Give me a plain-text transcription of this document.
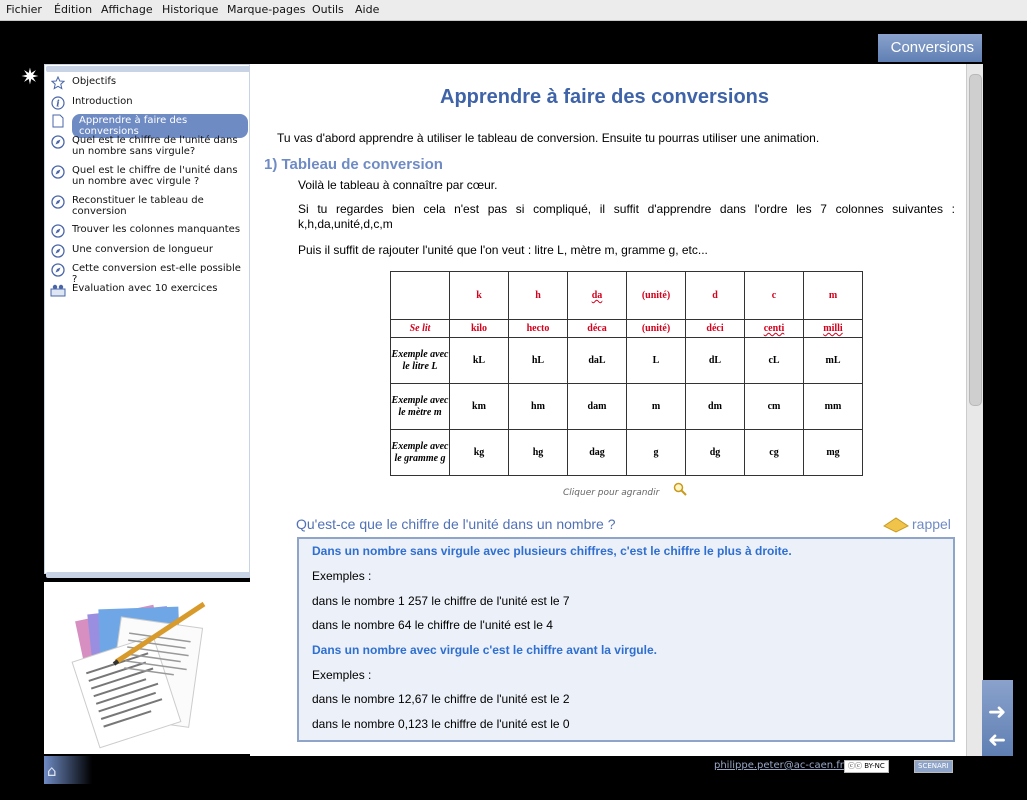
Fichier Édition Affichage Historique Marque-pages Outils Aide
Conversions
✷	Objectifs
i Introduction
Apprendre à faire des conversions
Quel est le chiffre de l'unité dans un nombre sans virgule?
Quel est le chiffre de l'unité dans un nombre avec virgule ?
Reconstituer le tableau de conversion
Trouver les colonnes manquantes
Une conversion de longueur
Cette conversion est-elle possible ?
Evaluation avec 10 exercices
Apprendre à faire des conversions
Tu vas d'abord apprendre à utiliser le tableau de conversion. Ensuite tu pourras utiliser une animation.
1) Tableau de conversion
Voilà le tableau à connaître par cœur.
Si tu regardes bien cela n'est pas si compliqué, il suffit d'apprendre dans l'ordre les 7 colonnes suivantes : k,h,da,unité,d,c,m
Puis il suffit de rajouter l'unité que l'on veut : litre L, mètre m, gramme g, etc...
	k	h	da	(unité)	d	c	m
Se lit	kilo	hecto	déca	(unité)	déci	centi	milli
Exemple avec le litre L	kL	hL	daL	L	dL	cL	mL
Exemple avec le mètre m	km	hm	dam	m	dm	cm	mm
Exemple avec le gramme g	kg	hg	dag	g	dg	cg	mg
Cliquer pour agrandir
Qu'est-ce que le chiffre de l'unité dans un nombre ?	rappel
Dans un nombre sans virgule avec plusieurs chiffres, c'est le chiffre le plus à droite.
Exemples :
dans le nombre 1 257 le chiffre de l'unité est le 7
dans le nombre 64 le chiffre de l'unité est le 4
Dans un nombre avec virgule c'est le chiffre avant la virgule.
Exemples :
dans le nombre 12,67 le chiffre de l'unité est le 2
dans le nombre 0,123 le chiffre de l'unité est le 0	➜
➜
⌂	philippe.peter@ac-caen.fr ⓒⓒ BY-NC	SCENARI
